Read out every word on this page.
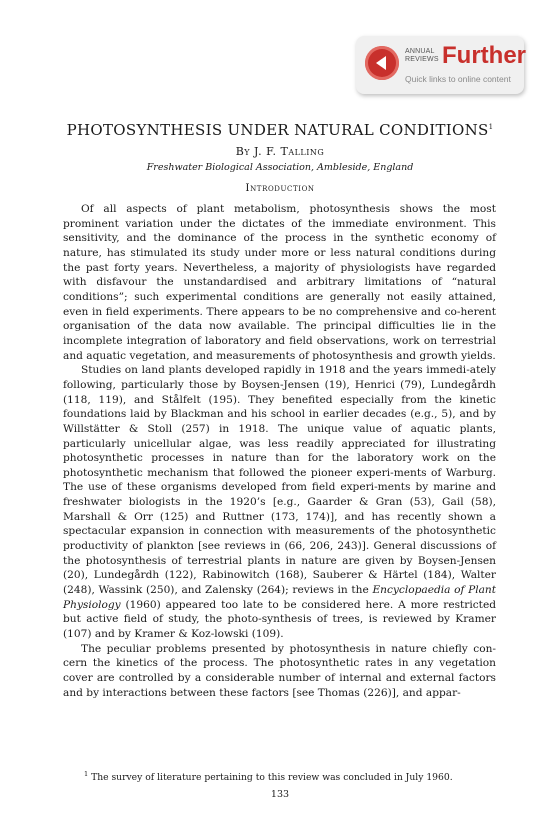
ANNUAL
REVIEWS Further
Quick links to online content
PHOTOSYNTHESIS UNDER NATURAL CONDITIONS$^1$
By J. F. Talling
Freshwater Biological Association, Ambleside, England
Introduction

Of all aspects of plant metabolism, photosynthesis shows the most prominent variation under the dictates of the immediate environment. This sensitivity, and the dominance of the process in the synthetic economy of nature, has stimulated its study under more or less natural conditions during the past forty years. Nevertheless, a majority of physiologists have regarded with disfavour the unstandardised and arbitrary limitations of “natural conditions”; such experimental conditions are generally not easily attained, even in field experiments. There appears to be no comprehensive and co-herent organisation of the data now available. The principal difficulties lie in the incomplete integration of laboratory and field observations, work on terrestrial and aquatic vegetation, and measurements of photosynthesis and growth yields.

Studies on land plants developed rapidly in 1918 and the years immedi-ately following, particularly those by Boysen-Jensen (19), Henrici (79), Lundegårdh (118, 119), and Stålfelt (195). They benefited especially from the kinetic foundations laid by Blackman and his school in earlier decades (e.g., 5), and by Willstätter & Stoll (257) in 1918. The unique value of aquatic plants, particularly unicellular algae, was less readily appreciated for illustrating photosynthetic processes in nature than for the laboratory work on the photosynthetic mechanism that followed the pioneer experi-ments of Warburg. The use of these organisms developed from field experi-ments by marine and freshwater biologists in the 1920’s [e.g., Gaarder & Gran (53), Gail (58), Marshall & Orr (125) and Ruttner (173, 174)], and has recently shown a spectacular expansion in connection with measurements of the photosynthetic productivity of plankton [see reviews in (66, 206, 243)]. General discussions of the photosynthesis of terrestrial plants in nature are given by Boysen-Jensen (20), Lundegårdh (122), Rabinowitch (168), Sauberer & Härtel (184), Walter (248), Wassink (250), and Zalensky (264); reviews in the Encyclopaedia of Plant Physiology (1960) appeared too late to be considered here. A more restricted but active field of study, the photo-synthesis of trees, is reviewed by Kramer (107) and by Kramer & Koz-lowski (109).

The peculiar problems presented by photosynthesis in nature chiefly con-cern the kinetics of the process. The photosynthetic rates in any vegetation cover are controlled by a considerable number of internal and external factors and by interactions between these factors [see Thomas (226)], and appar-

$^1$ The survey of literature pertaining to this review was concluded in July 1960.
133
